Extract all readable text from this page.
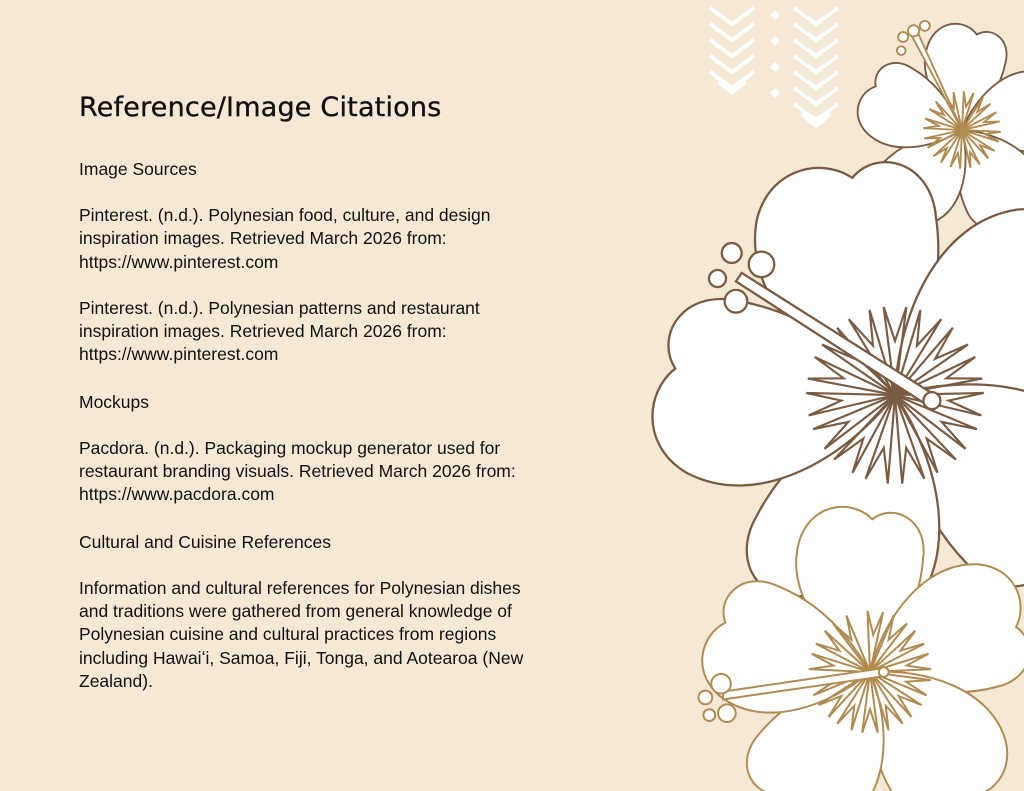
Reference/Image Citations

Image Sources

Pinterest. (n.d.). Polynesian food, culture, and design
inspiration images. Retrieved March 2026 from:
https://www.pinterest.com

Pinterest. (n.d.). Polynesian patterns and restaurant
inspiration images. Retrieved March 2026 from:
https://www.pinterest.com

Mockups

Pacdora. (n.d.). Packaging mockup generator used for
restaurant branding visuals. Retrieved March 2026 from:
https://www.pacdora.com

Cultural and Cuisine References

Information and cultural references for Polynesian dishes
and traditions were gathered from general knowledge of
Polynesian cuisine and cultural practices from regions
including Hawaiʻi, Samoa, Fiji, Tonga, and Aotearoa (New
Zealand).
